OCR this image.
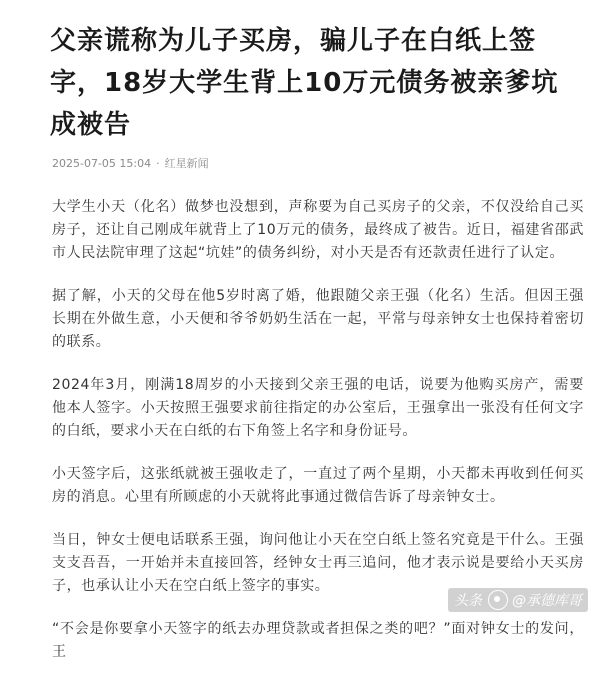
父亲谎称为儿子买房，骗儿子在白纸上签字，18岁大学生背上10万元债务被亲爹坑成被告
2025-07-05 15:04 · 红星新闻

大学生小天（化名）做梦也没想到，声称要为自己买房子的父亲，不仅没给自己买房子，还让自己刚成年就背上了10万元的债务，最终成了被告。近日，福建省邵武市人民法院审理了这起“坑娃”的债务纠纷，对小天是否有还款责任进行了认定。

据了解，小天的父母在他5岁时离了婚，他跟随父亲王强（化名）生活。但因王强长期在外做生意，小天便和爷爷奶奶生活在一起，平常与母亲钟女士也保持着密切的联系。

2024年3月，刚满18周岁的小天接到父亲王强的电话，说要为他购买房产，需要他本人签字。小天按照王强要求前往指定的办公室后，王强拿出一张没有任何文字的白纸，要求小天在白纸的右下角签上名字和身份证号。

小天签字后，这张纸就被王强收走了，一直过了两个星期，小天都未再收到任何买房的消息。心里有所顾虑的小天就将此事通过微信告诉了母亲钟女士。

当日，钟女士便电话联系王强，询问他让小天在空白纸上签名究竟是干什么。王强支支吾吾，一开始并未直接回答，经钟女士再三追问，他才表示说是要给小天买房子，也承认让小天在空白纸上签字的事实。

“不会是你要拿小天签字的纸去办理贷款或者担保之类的吧？”面对钟女士的发问，王

头条 @承德库哥
